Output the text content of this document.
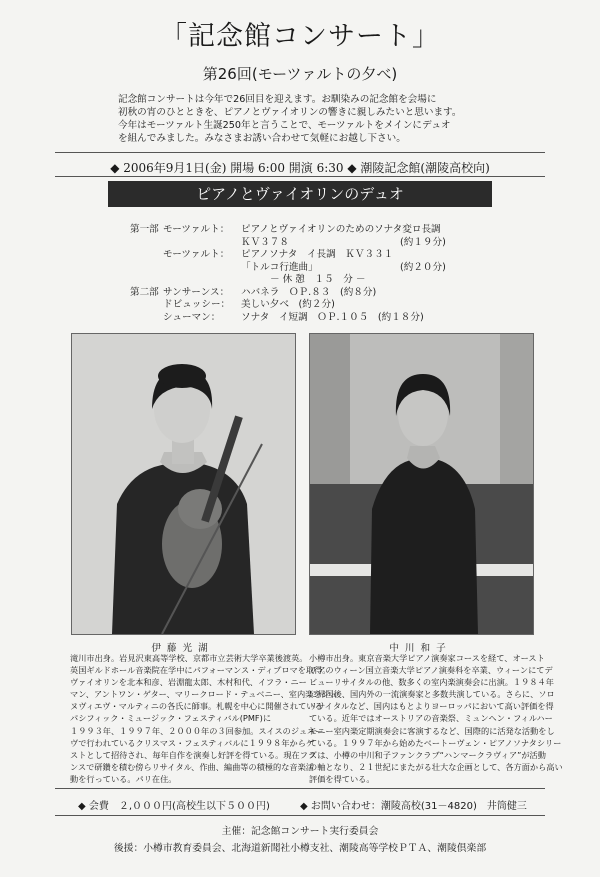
「記念館コンサート」
第26回(モーツァルトの夕べ)
記念館コンサートは今年で26回目を迎えます。お馴染みの記念館を会場に
初秋の宵のひとときを、ピアノとヴァイオリンの響きに親しみたいと思います。
今年はモーツァルト生誕250年と言うことで、モーツァルトをメインにデュオ
を組んでみました。みなさまお誘い合わせて気軽にお越し下さい。
◆ 2006年9月1日(金) 開場 6:00 開演 6:30 ◆ 潮陵記念館(潮陵高校向)
ピアノとヴァイオリンのデュオ
第一部 モーツァルト： ピアノとヴァイオリンのためのソナタ変ロ長調
ＫＶ３７８	(約１９分)
モーツァルト： ピアノソナタ　イ長調　ＫＶ３３１
「トルコ行進曲」	(約２０分)
－ 休 憩　１５　分 －
第二部 サンサーンス： ハバネラ　ＯＰ.８３　(約８分)
ドビュッシー： 美しい夕べ　(約２分)
シューマン： ソナタ　イ短調　ＯＰ.１０５　(約１８分)
伊藤光湖
滝川市出身。岩見沢東高等学校、京都市立芸術大学卒業後渡英。
英国ギルドホール音楽院在学中にパフォーマンス・ディプロマを取得。
ヴァイオリンを北本和彦、岩淵龍太郎、木村和代、イフラ・ニー
マン、アントワン・ゲター、マリークロード・テュベニー、室内楽をジュ
ヌヴィエヴ・マルティニの各氏に師事。札幌を中心に開催されている
パシフィック・ミュージック・フェスティバル(PMF)に
１９９３年、１９９７年、２０００年の３回参加。スイスのジュネー
ヴで行われているクリスマス・フェスティバルに１９９８年からゲ
ストとして招待され、毎年自作を演奏し好評を得ている。現在フラ
ンスで研鑽を積む傍らリサイタル、作曲、編曲等の積極的な音楽活
動を行っている。パリ在住。
中川和子
小樽市出身。東京音楽大学ピアノ演奏家コースを経て、オースト
リアのウィーン国立音楽大学ピアノ演奏科を卒業、ウィーンにてデ
ビューリサイタルの他、数多くの室内楽演奏会に出演。１９８４年
に帰国後、国内外の一流演奏家と多数共演している。さらに、ソロ
リサイタルなど、国内はもとよりヨーロッパにおいて高い評価を得
ている。近年ではオーストリアの音楽祭、ミュンヘン・フィルハー
モニー室内楽定期演奏会に客演するなど、国際的に活発な活動をし
ている。１９９７年から始めたベートーヴェン・ピアノソナタシリー
ズは、小樽の中川和子ファンクラブ“ハンマークラヴィア”が活動
の軸となり、２１世紀にまたがる壮大な企画として、各方面から高い
評価を得ている。
◆ 会費　２,０００円(高校生以下５００円)	◆ お問い合わせ：潮陵高校(31－4820)　井筒健三
主催：記念館コンサート実行委員会
後援：小樽市教育委員会、北海道新聞社小樽支社、潮陵高等学校ＰＴＡ、潮陵倶楽部
